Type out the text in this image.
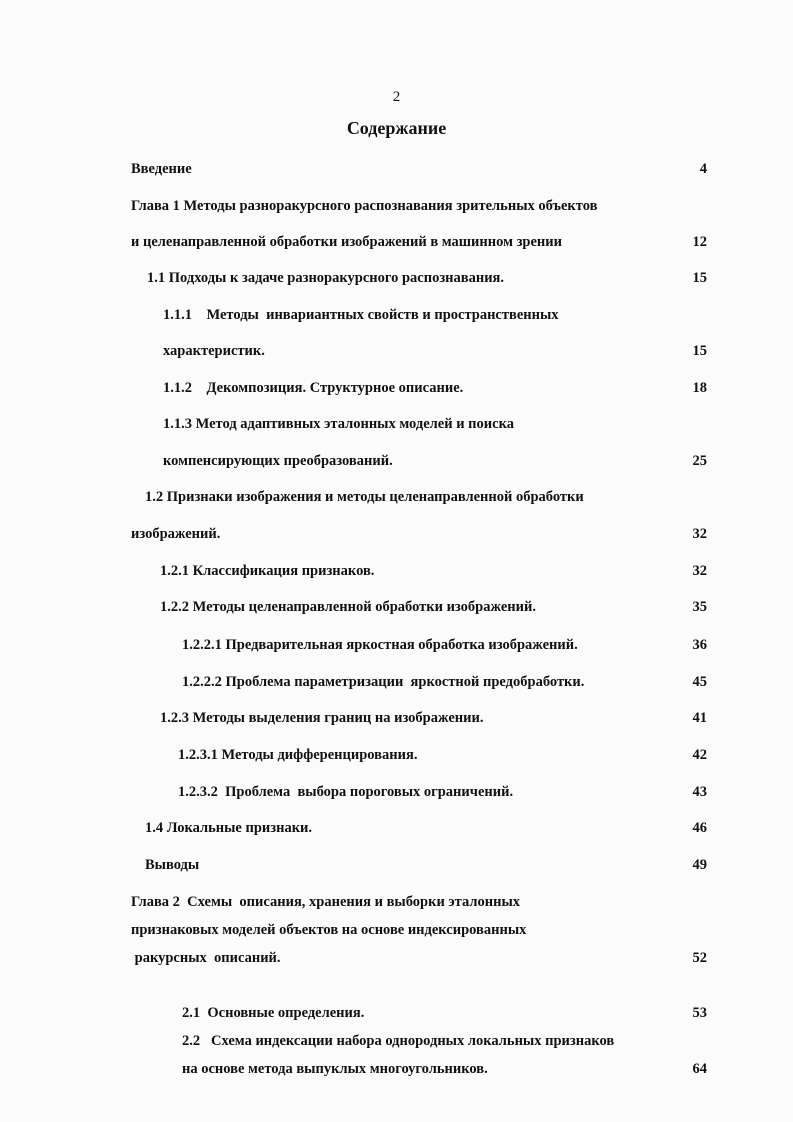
2
Содержание
Введение	4
Глава 1 Методы разноракурсного распознавания зрительных объектов
и целенаправленной обработки изображений в машинном зрении	12
1.1 Подходы к задаче разноракурсного распознавания.	15
1.1.1    Методы  инвариантных свойств и пространственных
характеристик.	15
1.1.2    Декомпозиция. Структурное описание.	18
1.1.3 Метод адаптивных эталонных моделей и поиска
компенсирующих преобразований.	25
1.2 Признаки изображения и методы целенаправленной обработки
изображений.	32
1.2.1 Классификация признаков.	32
1.2.2 Методы целенаправленной обработки изображений.	35
1.2.2.1 Предварительная яркостная обработка изображений.	36
1.2.2.2 Проблема параметризации  яркостной предобработки.	45
1.2.3 Методы выделения границ на изображении.	41
1.2.3.1 Методы дифференцирования.	42
1.2.3.2  Проблема  выбора пороговых ограничений.	43
1.4 Локальные признаки.	46
Выводы	49
Глава 2  Схемы  описания, хранения и выборки эталонных
признаковых моделей объектов на основе индексированных
ракурсных  описаний.	52
2.1  Основные определения.	53
2.2   Схема индексации набора однородных локальных признаков
на основе метода выпуклых многоугольников.	64
